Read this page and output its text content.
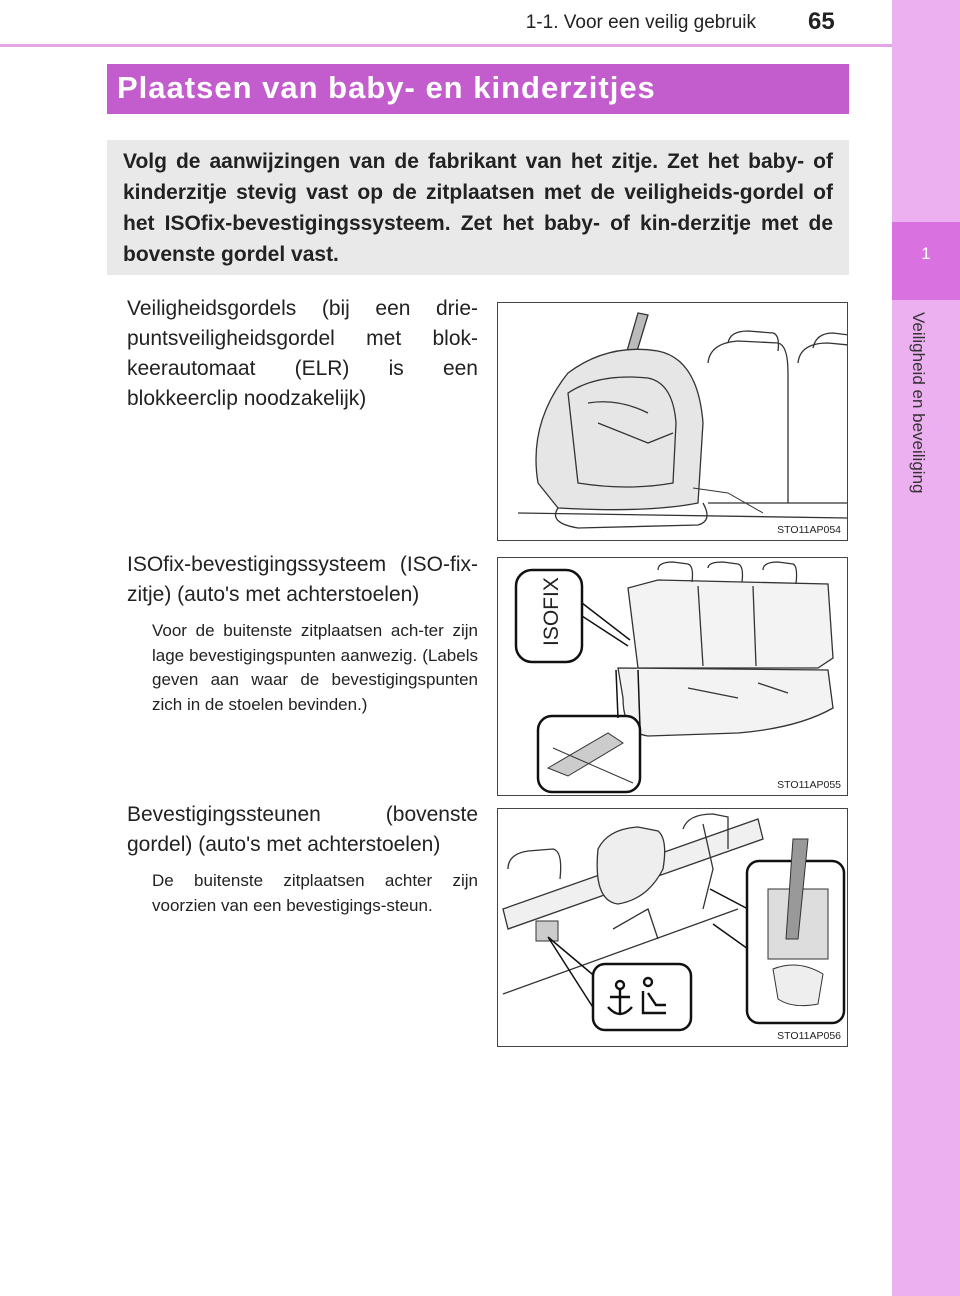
1-1. Voor een veilig gebruik 65
1
Veiligheid en beveiliging
Plaatsen van baby- en kinderzitjes

Volg de aanwijzingen van de fabrikant van het zitje. Zet het baby- of kinderzitje stevig vast op de zitplaatsen met de veiligheids-gordel of het ISOfix-bevestigingssysteem. Zet het baby- of kin-derzitje met de bovenste gordel vast.

Veiligheidsgordels (bij een drie-puntsveiligheidsgordel met blok-keerautomaat (ELR) is een blokkeerclip noodzakelijk)
STO11AP054
ISOfix-bevestigingssysteem (ISO-fix-zitje) (auto's met achterstoelen)
Voor de buitenste zitplaatsen ach-ter zijn lage bevestigingspunten aanwezig. (Labels geven aan waar de bevestigingspunten zich in de stoelen bevinden.)
ISOFIX
STO11AP055
Bevestigingssteunen (bovenste gordel) (auto's met achterstoelen)
De buitenste zitplaatsen achter zijn voorzien van een bevestigings-steun.
STO11AP056
